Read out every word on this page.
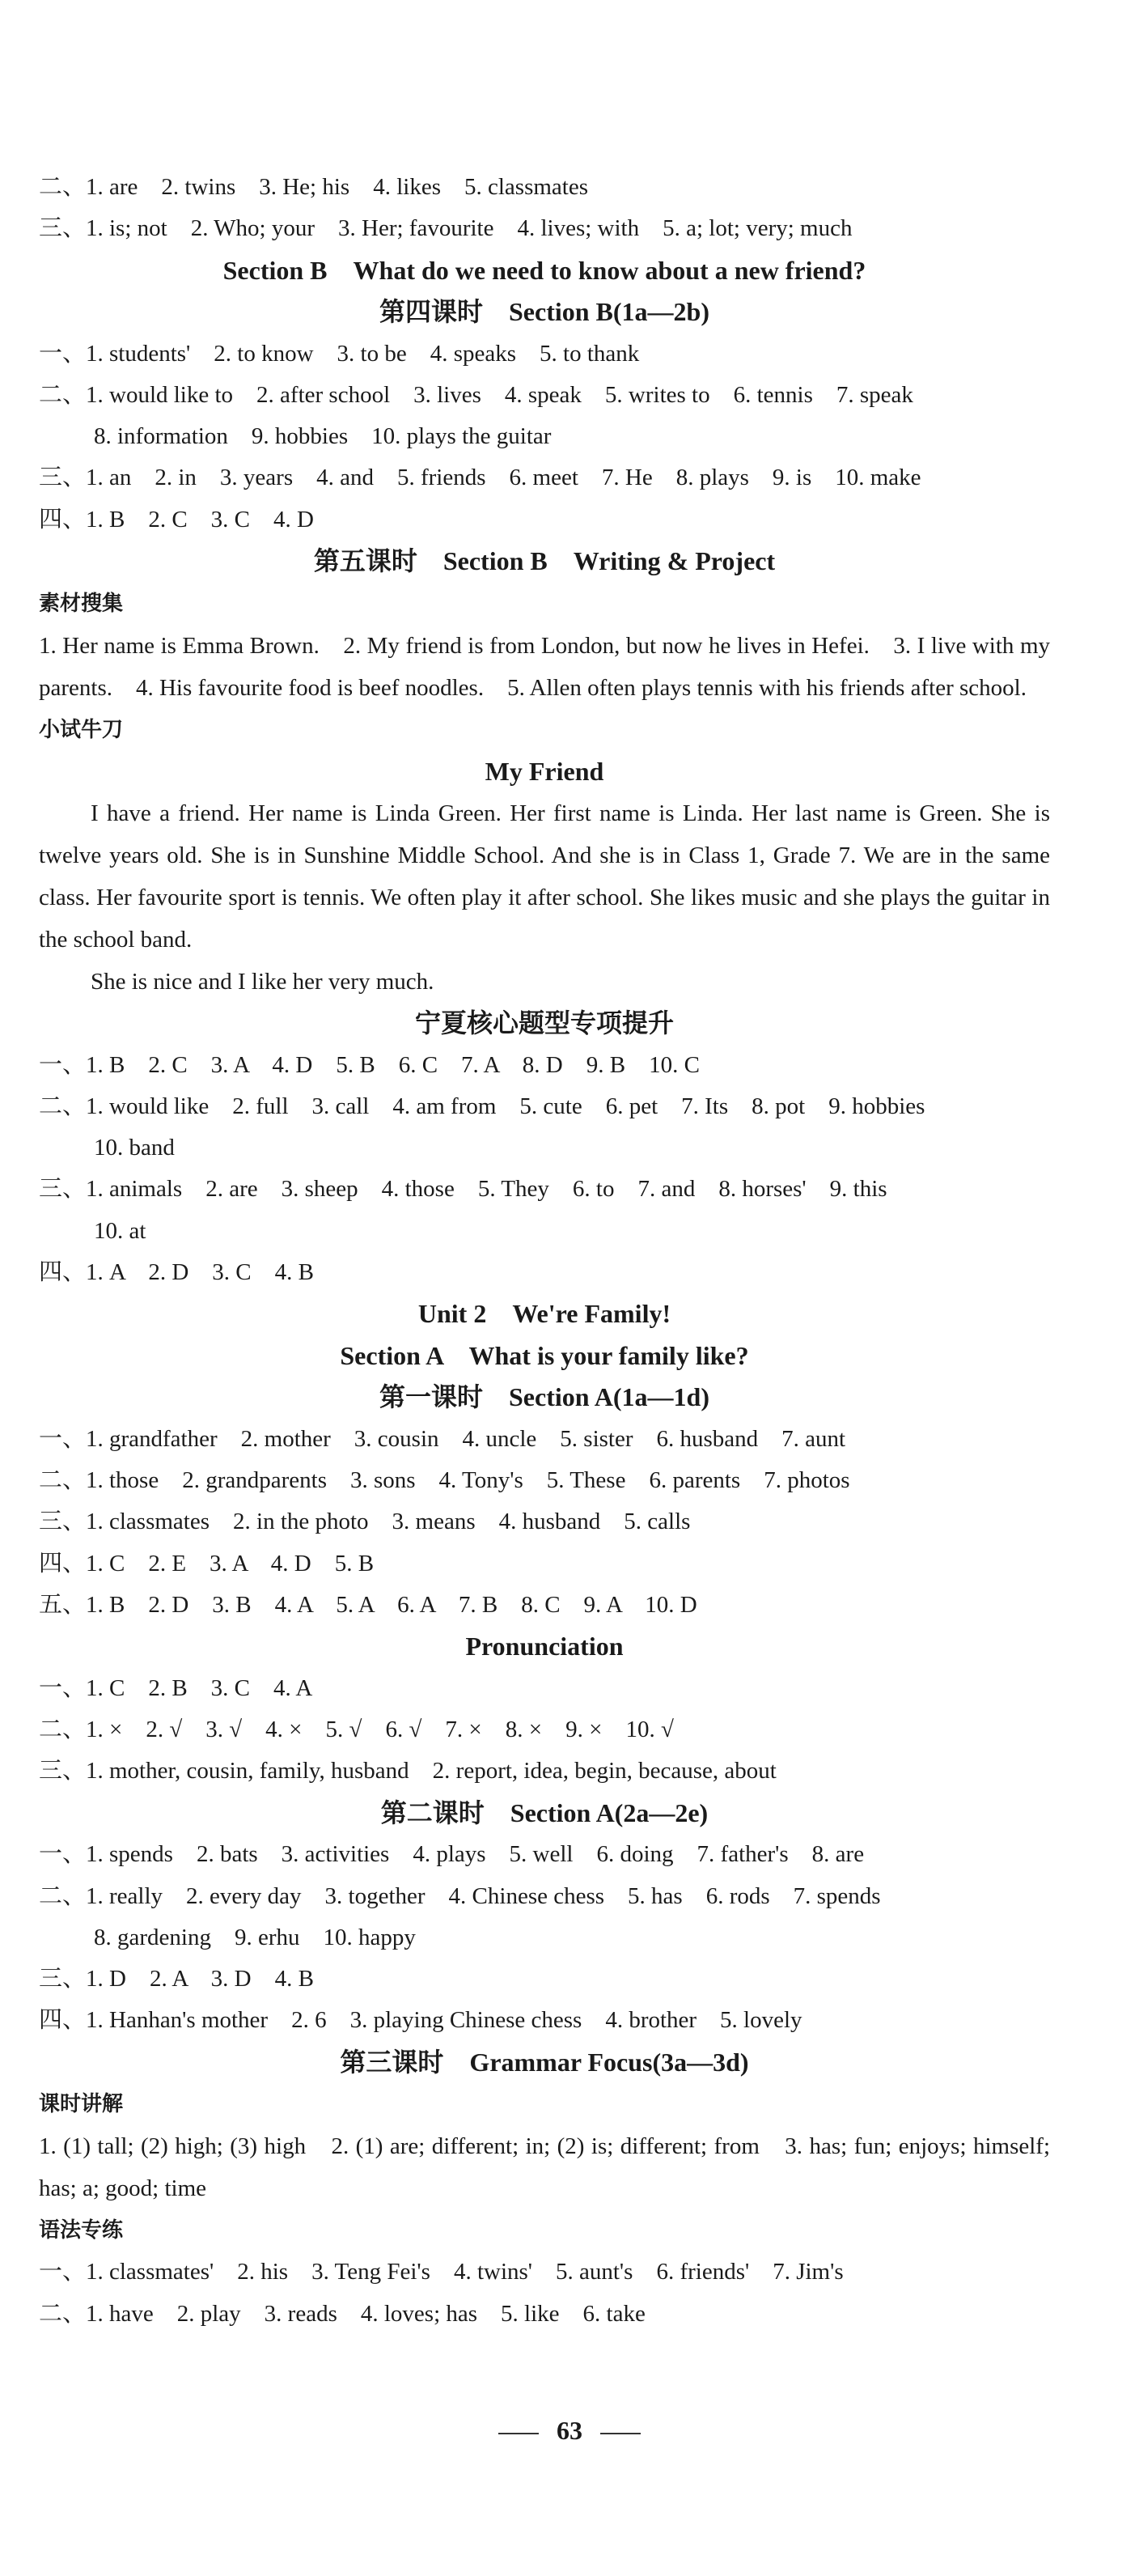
二、1. are　2. twins　3. He; his　4. likes　5. classmates
三、1. is; not　2. Who; your　3. Her; favourite　4. lives; with　5. a; lot; very; much
Section B　What do we need to know about a new friend?
第四课时　Section B(1a—2b)
一、1. students'　2. to know　3. to be　4. speaks　5. to thank
二、1. would like to　2. after school　3. lives　4. speak　5. writes to　6. tennis　7. speak
8. information　9. hobbies　10. plays the guitar
三、1. an　2. in　3. years　4. and　5. friends　6. meet　7. He　8. plays　9. is　10. make
四、1. B　2. C　3. C　4. D
第五课时　Section B　Writing & Project
素材搜集
1. Her name is Emma Brown.　2. My friend is from London, but now he lives in Hefei.　3. I live with my parents.　4. His favourite food is beef noodles.　5. Allen often plays tennis with his friends after school.
小试牛刀
My Friend
I have a friend. Her name is Linda Green. Her first name is Linda. Her last name is Green. She is twelve years old. She is in Sunshine Middle School. And she is in Class 1, Grade 7. We are in the same class. Her favourite sport is tennis. We often play it after school. She likes music and she plays the guitar in the school band.
She is nice and I like her very much.
宁夏核心题型专项提升
一、1. B　2. C　3. A　4. D　5. B　6. C　7. A　8. D　9. B　10. C
二、1. would like　2. full　3. call　4. am from　5. cute　6. pet　7. Its　8. pot　9. hobbies
10. band
三、1. animals　2. are　3. sheep　4. those　5. They　6. to　7. and　8. horses'　9. this
10. at
四、1. A　2. D　3. C　4. B
Unit 2　We're Family!
Section A　What is your family like?
第一课时　Section A(1a—1d)
一、1. grandfather　2. mother　3. cousin　4. uncle　5. sister　6. husband　7. aunt
二、1. those　2. grandparents　3. sons　4. Tony's　5. These　6. parents　7. photos
三、1. classmates　2. in the photo　3. means　4. husband　5. calls
四、1. C　2. E　3. A　4. D　5. B
五、1. B　2. D　3. B　4. A　5. A　6. A　7. B　8. C　9. A　10. D
Pronunciation
一、1. C　2. B　3. C　4. A
二、1. ×　2. √　3. √　4. ×　5. √　6. √　7. ×　8. ×　9. ×　10. √
三、1. mother, cousin, family, husband　2. report, idea, begin, because, about
第二课时　Section A(2a—2e)
一、1. spends　2. bats　3. activities　4. plays　5. well　6. doing　7. father's　8. are
二、1. really　2. every day　3. together　4. Chinese chess　5. has　6. rods　7. spends
8. gardening　9. erhu　10. happy
三、1. D　2. A　3. D　4. B
四、1. Hanhan's mother　2. 6　3. playing Chinese chess　4. brother　5. lovely
第三课时　Grammar Focus(3a—3d)
课时讲解
1. (1) tall; (2) high; (3) high　2. (1) are; different; in; (2) is; different; from　3. has; fun; enjoys; himself; has; a; good; time
语法专练
一、1. classmates'　2. his　3. Teng Fei's　4. twins'　5. aunt's　6. friends'　7. Jim's
二、1. have　2. play　3. reads　4. loves; has　5. like　6. take
63
